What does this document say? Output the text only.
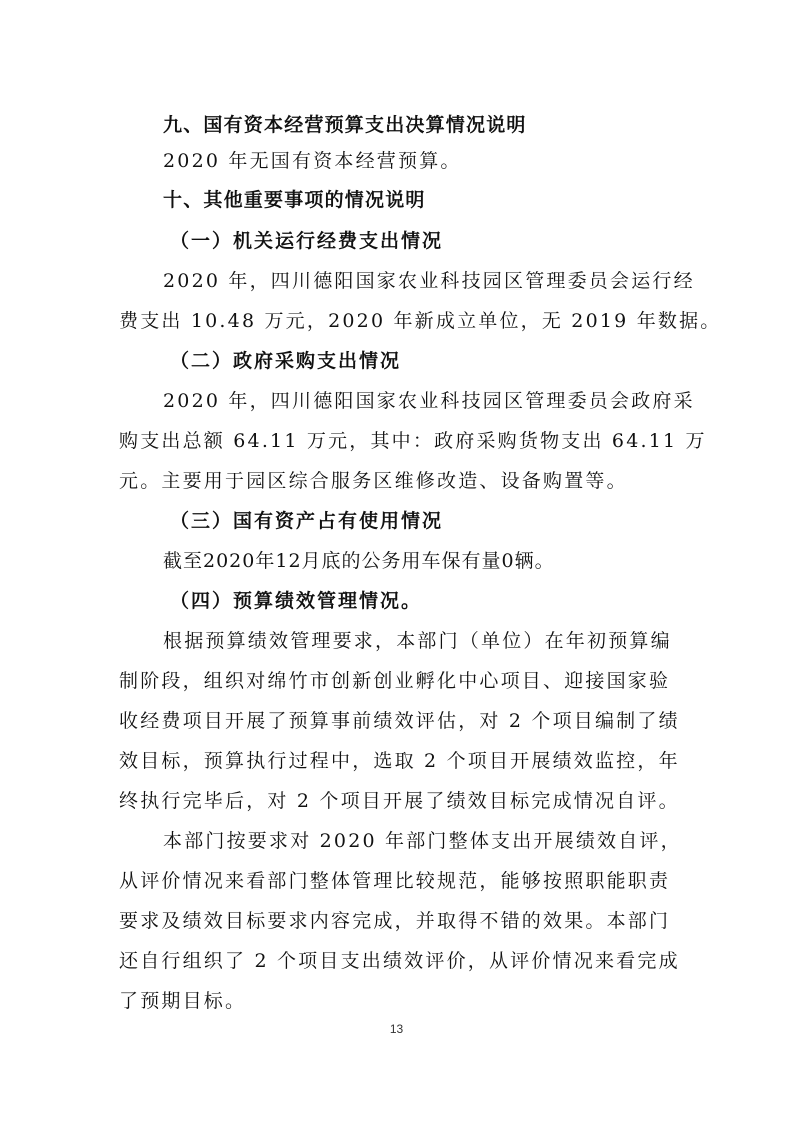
九、国有资本经营预算支出决算情况说明
2020 年无国有资本经营预算。
十、其他重要事项的情况说明
（一）机关运行经费支出情况
2020 年，四川德阳国家农业科技园区管理委员会运行经
费支出 10.48 万元，2020 年新成立单位，无 2019 年数据。
（二）政府采购支出情况
2020 年，四川德阳国家农业科技园区管理委员会政府采
购支出总额 64.11 万元，其中：政府采购货物支出 64.11 万
元。主要用于园区综合服务区维修改造、设备购置等。
（三）国有资产占有使用情况
截至2020年12月底的公务用车保有量0辆。
（四）预算绩效管理情况。
根据预算绩效管理要求，本部门（单位）在年初预算编
制阶段，组织对绵竹市创新创业孵化中心项目、迎接国家验
收经费项目开展了预算事前绩效评估，对 2 个项目编制了绩
效目标，预算执行过程中，选取 2 个项目开展绩效监控，年
终执行完毕后，对 2 个项目开展了绩效目标完成情况自评。
本部门按要求对 2020 年部门整体支出开展绩效自评，
从评价情况来看部门整体管理比较规范，能够按照职能职责
要求及绩效目标要求内容完成，并取得不错的效果。本部门
还自行组织了 2 个项目支出绩效评价，从评价情况来看完成
了预期目标。
13
